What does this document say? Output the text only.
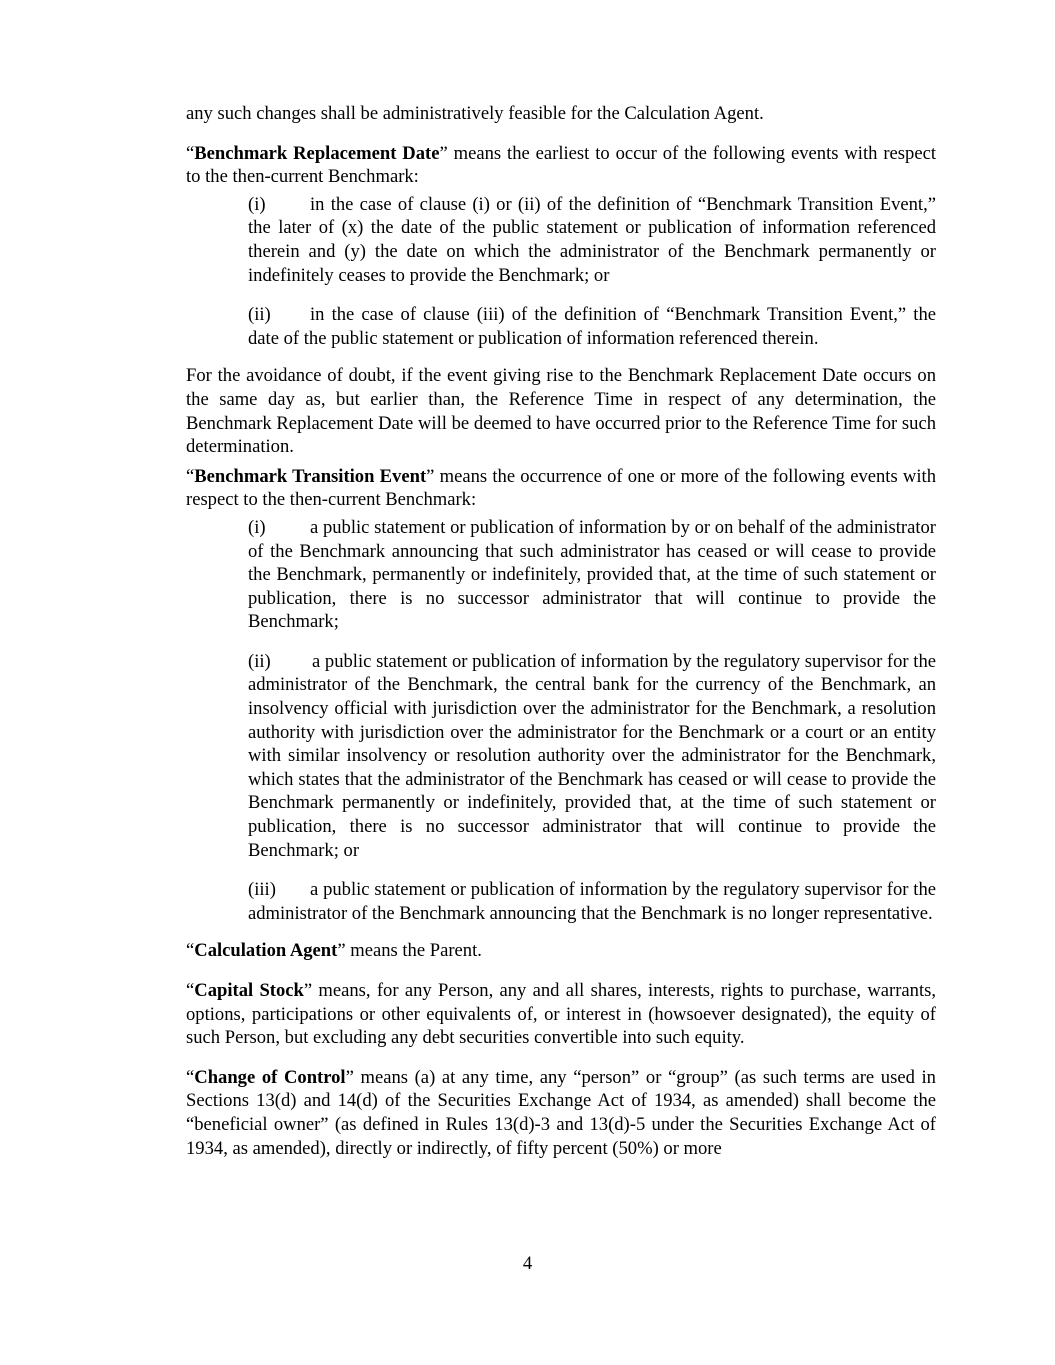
any such changes shall be administratively feasible for the Calculation Agent.

“Benchmark Replacement Date” means the earliest to occur of the following events with respect to the then-current Benchmark:

(i) in the case of clause (i) or (ii) of the definition of “Benchmark Transition Event,” the later of (x) the date of the public statement or publication of information referenced therein and (y) the date on which the administrator of the Benchmark permanently or indefinitely ceases to provide the Benchmark; or

(ii) in the case of clause (iii) of the definition of “Benchmark Transition Event,” the date of the public statement or publication of information referenced therein.

For the avoidance of doubt, if the event giving rise to the Benchmark Replacement Date occurs on the same day as, but earlier than, the Reference Time in respect of any determination, the Benchmark Replacement Date will be deemed to have occurred prior to the Reference Time for such determination.

“Benchmark Transition Event” means the occurrence of one or more of the following events with respect to the then-current Benchmark:

(i) a public statement or publication of information by or on behalf of the administrator of the Benchmark announcing that such administrator has ceased or will cease to provide the Benchmark, permanently or indefinitely, provided that, at the time of such statement or publication, there is no successor administrator that will continue to provide the Benchmark;

(ii) a public statement or publication of information by the regulatory supervisor for the administrator of the Benchmark, the central bank for the currency of the Benchmark, an insolvency official with jurisdiction over the administrator for the Benchmark, a resolution authority with jurisdiction over the administrator for the Benchmark or a court or an entity with similar insolvency or resolution authority over the administrator for the Benchmark, which states that the administrator of the Benchmark has ceased or will cease to provide the Benchmark permanently or indefinitely, provided that, at the time of such statement or publication, there is no successor administrator that will continue to provide the Benchmark; or

(iii) a public statement or publication of information by the regulatory supervisor for the administrator of the Benchmark announcing that the Benchmark is no longer representative.

“Calculation Agent” means the Parent.

“Capital Stock” means, for any Person, any and all shares, interests, rights to purchase, warrants, options, participations or other equivalents of, or interest in (howsoever designated), the equity of such Person, but excluding any debt securities convertible into such equity.

“Change of Control” means (a) at any time, any “person” or “group” (as such terms are used in Sections 13(d) and 14(d) of the Securities Exchange Act of 1934, as amended) shall become the “beneficial owner” (as defined in Rules 13(d)-3 and 13(d)-5 under the Securities Exchange Act of 1934, as amended), directly or indirectly, of fifty percent (50%) or more

4
